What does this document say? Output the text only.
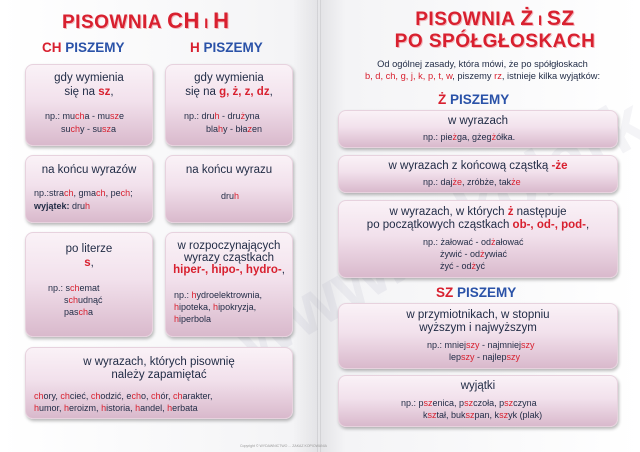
PISOWNIA CH I H
CH PISZEMY	H PISZEMY
gdy wymienia
się na sz,
np.: mucha - musze
suchy - susza
gdy wymienia
się na g, ż, z, dz,
np.: druh - drużyna
blahy - błazen
na końcu wyrazów
np.:strach, gmach, pech;
wyjątek: druh
na końcu wyrazu
druh
po literze
s,
np.: schemat
schudnąć
pascha
w rozpoczynających
wyrazy cząstkach
hiper-, hipo-, hydro-,
np.: hydroelektrownia,
hipoteka, hipokryzja,
hiperbola
w wyrazach, których pisownię
należy zapamiętać
chory, chcieć, chodzić, echo, chór, charakter,
humor, heroizm, historia, handel, herbata
PISOWNIA Ż I SZ
PO SPÓŁGŁOSKACH
Od ogólnej zasady, która mówi, że po spółgłoskach
b, d, ch, g, j, k, p, t, w, piszemy rz, istnieje kilka wyjątków:
Ż PISZEMY
w wyrazach
np.: pieżga, gżegżółka.
w wyrazach z końcową cząstką -że
np.: dajże, zróbże, także
w wyrazach, w których ż następuje
po początkowych cząstkach ob-, od-, pod-,
np.: żałować - odżałować
żywić - odżywiać
żyć - odżyć
SZ PISZEMY
w przymiotnikach, w stopniu
wyższym i najwyższym
np.: mniejszy - najmniejszy
lepszy - najlepszy
wyjątki
np.: pszenica, pszczoła, pszczyna
kształ, bukszpan, kszyk (plak)
Copyright © WYDAWNICTWO ... ZAKAZ KOPIOWANIA
